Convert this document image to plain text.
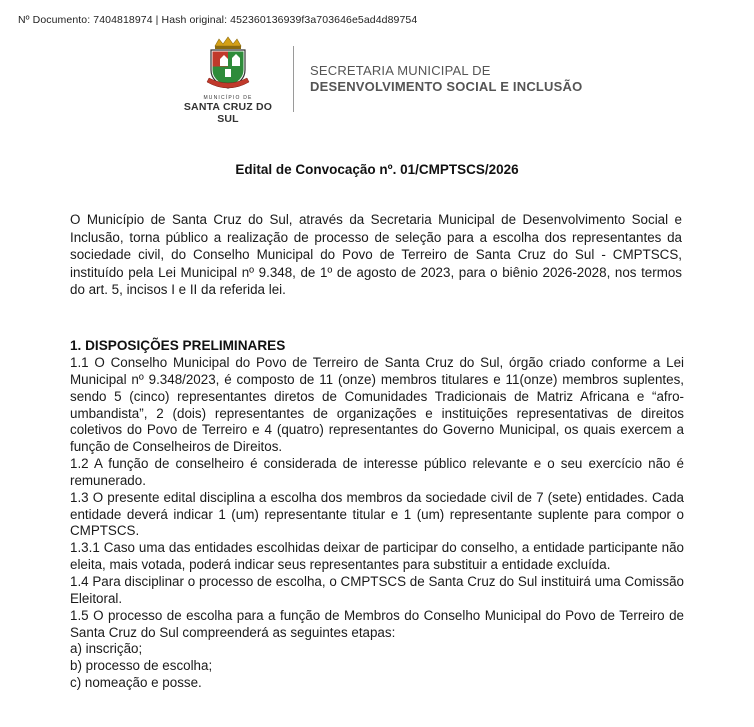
Nº Documento: 7404818974 | Hash original: 452360136939f3a703646e5ad4d89754
MUNICÍPIO DE
SANTA CRUZ DO SUL
SECRETARIA MUNICIPAL DE
DESENVOLVIMENTO SOCIAL E INCLUSÃO
Edital de Convocação nº. 01/CMPTSCS/2026
O Município de Santa Cruz do Sul, através da Secretaria Municipal de Desenvolvimento Social e Inclusão, torna público a realização de processo de seleção para a escolha dos representantes da sociedade civil, do Conselho Municipal do Povo de Terreiro de Santa Cruz do Sul - CMPTSCS, instituído pela Lei Municipal nº 9.348, de 1º de agosto de 2023, para o biênio 2026-2028, nos termos do art. 5, incisos I e II da referida lei.
1. DISPOSIÇÕES PRELIMINARES

1.1 O Conselho Municipal do Povo de Terreiro de Santa Cruz do Sul, órgão criado conforme a Lei Municipal nº 9.348/2023, é composto de 11 (onze) membros titulares e 11(onze) membros suplentes, sendo 5 (cinco) representantes diretos de Comunidades Tradicionais de Matriz Africana e “afro-umbandista”, 2 (dois) representantes de organizações e instituições representativas de direitos coletivos do Povo de Terreiro e 4 (quatro) representantes do Governo Municipal, os quais exercem a função de Conselheiros de Direitos.

1.2 A função de conselheiro é considerada de interesse público relevante e o seu exercício não é remunerado.

1.3 O presente edital disciplina a escolha dos membros da sociedade civil de 7 (sete) entidades. Cada entidade deverá indicar 1 (um) representante titular e 1 (um) representante suplente para compor o CMPTSCS.

1.3.1 Caso uma das entidades escolhidas deixar de participar do conselho, a entidade participante não eleita, mais votada, poderá indicar seus representantes para substituir a entidade excluída.

1.4 Para disciplinar o processo de escolha, o CMPTSCS de Santa Cruz do Sul instituirá uma Comissão Eleitoral.

1.5 O processo de escolha para a função de Membros do Conselho Municipal do Povo de Terreiro de Santa Cruz do Sul compreenderá as seguintes etapas:

a) inscrição;

b) processo de escolha;

c) nomeação e posse.
